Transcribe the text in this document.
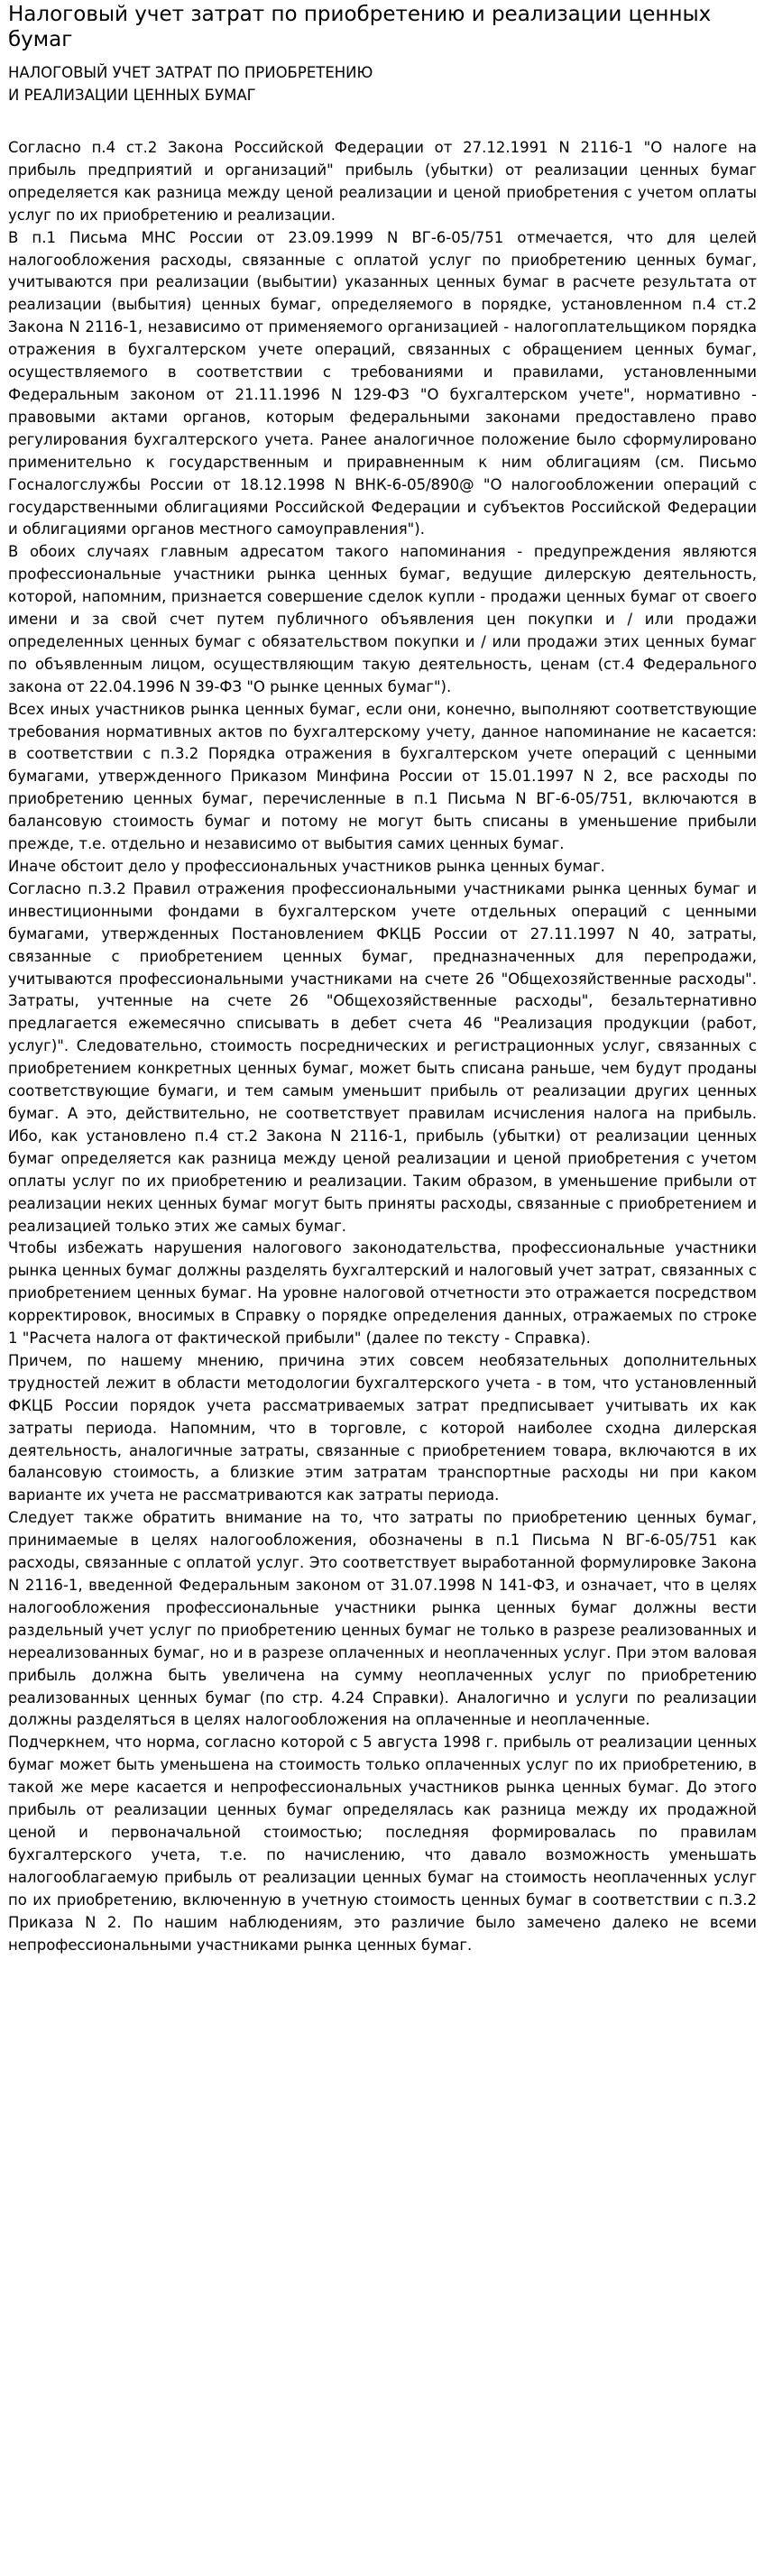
Налоговый учет затрат по приобретению и реализации ценных бумаг
НАЛОГОВЫЙ УЧЕТ ЗАТРАТ ПО ПРИОБРЕТЕНИЮ
И РЕАЛИЗАЦИИ ЦЕННЫХ БУМАГ

Согласно п.4 ст.2 Закона Российской Федерации от 27.12.1991 N 2116-1 "О налоге на прибыль предприятий и организаций" прибыль (убытки) от реализации ценных бумаг определяется как разница между ценой реализации и ценой приобретения с учетом оплаты услуг по их приобретению и реализации.

В п.1 Письма МНС России от 23.09.1999 N ВГ-6-05/751 отмечается, что для целей налогообложения расходы, связанные с оплатой услуг по приобретению ценных бумаг, учитываются при реализации (выбытии) указанных ценных бумаг в расчете результата от реализации (выбытия) ценных бумаг, определяемого в порядке, установленном п.4 ст.2 Закона N 2116-1, независимо от применяемого организацией - налогоплательщиком порядка отражения в бухгалтерском учете операций, связанных с обращением ценных бумаг, осуществляемого в соответствии с требованиями и правилами, установленными Федеральным законом от 21.11.1996 N 129-ФЗ "О бухгалтерском учете", нормативно - правовыми актами органов, которым федеральными законами предоставлено право регулирования бухгалтерского учета. Ранее аналогичное положение было сформулировано применительно к государственным и приравненным к ним облигациям (см. Письмо Госналогслужбы России от 18.12.1998 N ВНК-6-05/890@ "О налогообложении операций с государственными облигациями Российской Федерации и субъектов Российской Федерации и облигациями органов местного самоуправления").

В обоих случаях главным адресатом такого напоминания - предупреждения являются профессиональные участники рынка ценных бумаг, ведущие дилерскую деятельность, которой, напомним, признается совершение сделок купли - продажи ценных бумаг от своего имени и за свой счет путем публичного объявления цен покупки и / или продажи определенных ценных бумаг с обязательством покупки и / или продажи этих ценных бумаг по объявленным лицом, осуществляющим такую деятельность, ценам (ст.4 Федерального закона от 22.04.1996 N 39-ФЗ "О рынке ценных бумаг").

Всех иных участников рынка ценных бумаг, если они, конечно, выполняют соответствующие требования нормативных актов по бухгалтерскому учету, данное напоминание не касается: в соответствии с п.3.2 Порядка отражения в бухгалтерском учете операций с ценными бумагами, утвержденного Приказом Минфина России от 15.01.1997 N 2, все расходы по приобретению ценных бумаг, перечисленные в п.1 Письма N ВГ-6-05/751, включаются в балансовую стоимость бумаг и потому не могут быть списаны в уменьшение прибыли прежде, т.е. отдельно и независимо от выбытия самих ценных бумаг.

Иначе обстоит дело у профессиональных участников рынка ценных бумаг.

Согласно п.3.2 Правил отражения профессиональными участниками рынка ценных бумаг и инвестиционными фондами в бухгалтерском учете отдельных операций с ценными бумагами, утвержденных Постановлением ФКЦБ России от 27.11.1997 N 40, затраты, связанные с приобретением ценных бумаг, предназначенных для перепродажи, учитываются профессиональными участниками на счете 26 "Общехозяйственные расходы". Затраты, учтенные на счете 26 "Общехозяйственные расходы", безальтернативно предлагается ежемесячно списывать в дебет счета 46 "Реализация продукции (работ, услуг)". Следовательно, стоимость посреднических и регистрационных услуг, связанных с приобретением конкретных ценных бумаг, может быть списана раньше, чем будут проданы соответствующие бумаги, и тем самым уменьшит прибыль от реализации других ценных бумаг. А это, действительно, не соответствует правилам исчисления налога на прибыль. Ибо, как установлено п.4 ст.2 Закона N 2116-1, прибыль (убытки) от реализации ценных бумаг определяется как разница между ценой реализации и ценой приобретения с учетом оплаты услуг по их приобретению и реализации. Таким образом, в уменьшение прибыли от реализации неких ценных бумаг могут быть приняты расходы, связанные с приобретением и реализацией только этих же самых бумаг.

Чтобы избежать нарушения налогового законодательства, профессиональные участники рынка ценных бумаг должны разделять бухгалтерский и налоговый учет затрат, связанных с приобретением ценных бумаг. На уровне налоговой отчетности это отражается посредством корректировок, вносимых в Справку о порядке определения данных, отражаемых по строке 1 "Расчета налога от фактической прибыли" (далее по тексту - Справка).

Причем, по нашему мнению, причина этих совсем необязательных дополнительных трудностей лежит в области методологии бухгалтерского учета - в том, что установленный ФКЦБ России порядок учета рассматриваемых затрат предписывает учитывать их как затраты периода. Напомним, что в торговле, с которой наиболее сходна дилерская деятельность, аналогичные затраты, связанные с приобретением товара, включаются в их балансовую стоимость, а близкие этим затратам транспортные расходы ни при каком варианте их учета не рассматриваются как затраты периода.

Следует также обратить внимание на то, что затраты по приобретению ценных бумаг, принимаемые в целях налогообложения, обозначены в п.1 Письма N ВГ-6-05/751 как расходы, связанные с оплатой услуг. Это соответствует выработанной формулировке Закона N 2116-1, введенной Федеральным законом от 31.07.1998 N 141-ФЗ, и означает, что в целях налогообложения профессиональные участники рынка ценных бумаг должны вести раздельный учет услуг по приобретению ценных бумаг не только в разрезе реализованных и нереализованных бумаг, но и в разрезе оплаченных и неоплаченных услуг. При этом валовая прибыль должна быть увеличена на сумму неоплаченных услуг по приобретению реализованных ценных бумаг (по стр. 4.24 Справки). Аналогично и услуги по реализации должны разделяться в целях налогообложения на оплаченные и неоплаченные.

Подчеркнем, что норма, согласно которой с 5 августа 1998 г. прибыль от реализации ценных бумаг может быть уменьшена на стоимость только оплаченных услуг по их приобретению, в такой же мере касается и непрофессиональных участников рынка ценных бумаг. До этого прибыль от реализации ценных бумаг определялась как разница между их продажной ценой и первоначальной стоимостью; последняя формировалась по правилам бухгалтерского учета, т.е. по начислению, что давало возможность уменьшать налогооблагаемую прибыль от реализации ценных бумаг на стоимость неоплаченных услуг по их приобретению, включенную в учетную стоимость ценных бумаг в соответствии с п.3.2 Приказа N 2. По нашим наблюдениям, это различие было замечено далеко не всеми непрофессиональными участниками рынка ценных бумаг.
